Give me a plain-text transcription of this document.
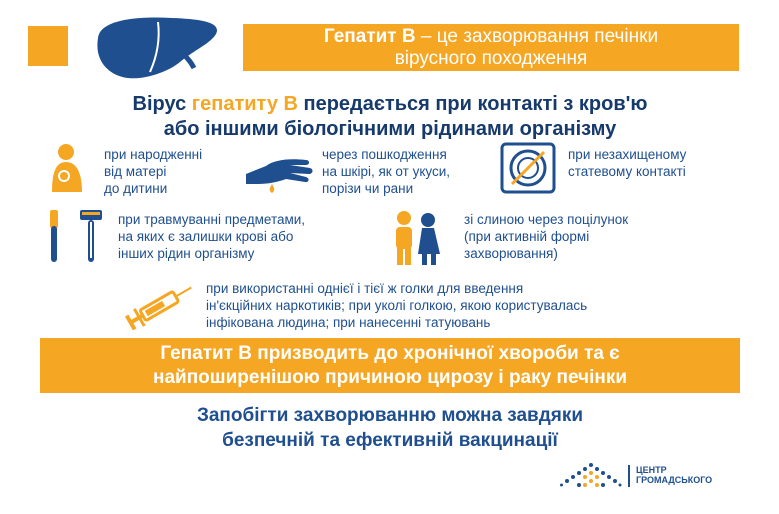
Гепатит В – це захворювання печінки
вірусного походження
Вірус гепатиту В передається при контакті з кров'ю
або іншими біологічними рідинами організму
при народженні
від матері
до дитини
через пошкодження
на шкірі, як от укуси,
порізи чи рани
при незахищеному
статевому контакті
при травмуванні предметами,
на яких є залишки крові або
інших рідин організму
зі слиною через поцілунок
(при активній формі
захворювання)
при використанні однієї і тієї ж голки для введення
ін'єкційних наркотиків; при уколі голкою, якою користувалась
інфікована людина; при нанесенні татуювань
Гепатит В призводить до хронічної хвороби та є
найпоширенішою причиною цирозу і раку печінки
Запобігти захворюванню можна завдяки
безпечній та ефективній вакцинації
ЦЕНТР
ГРОМАДСЬКОГО
